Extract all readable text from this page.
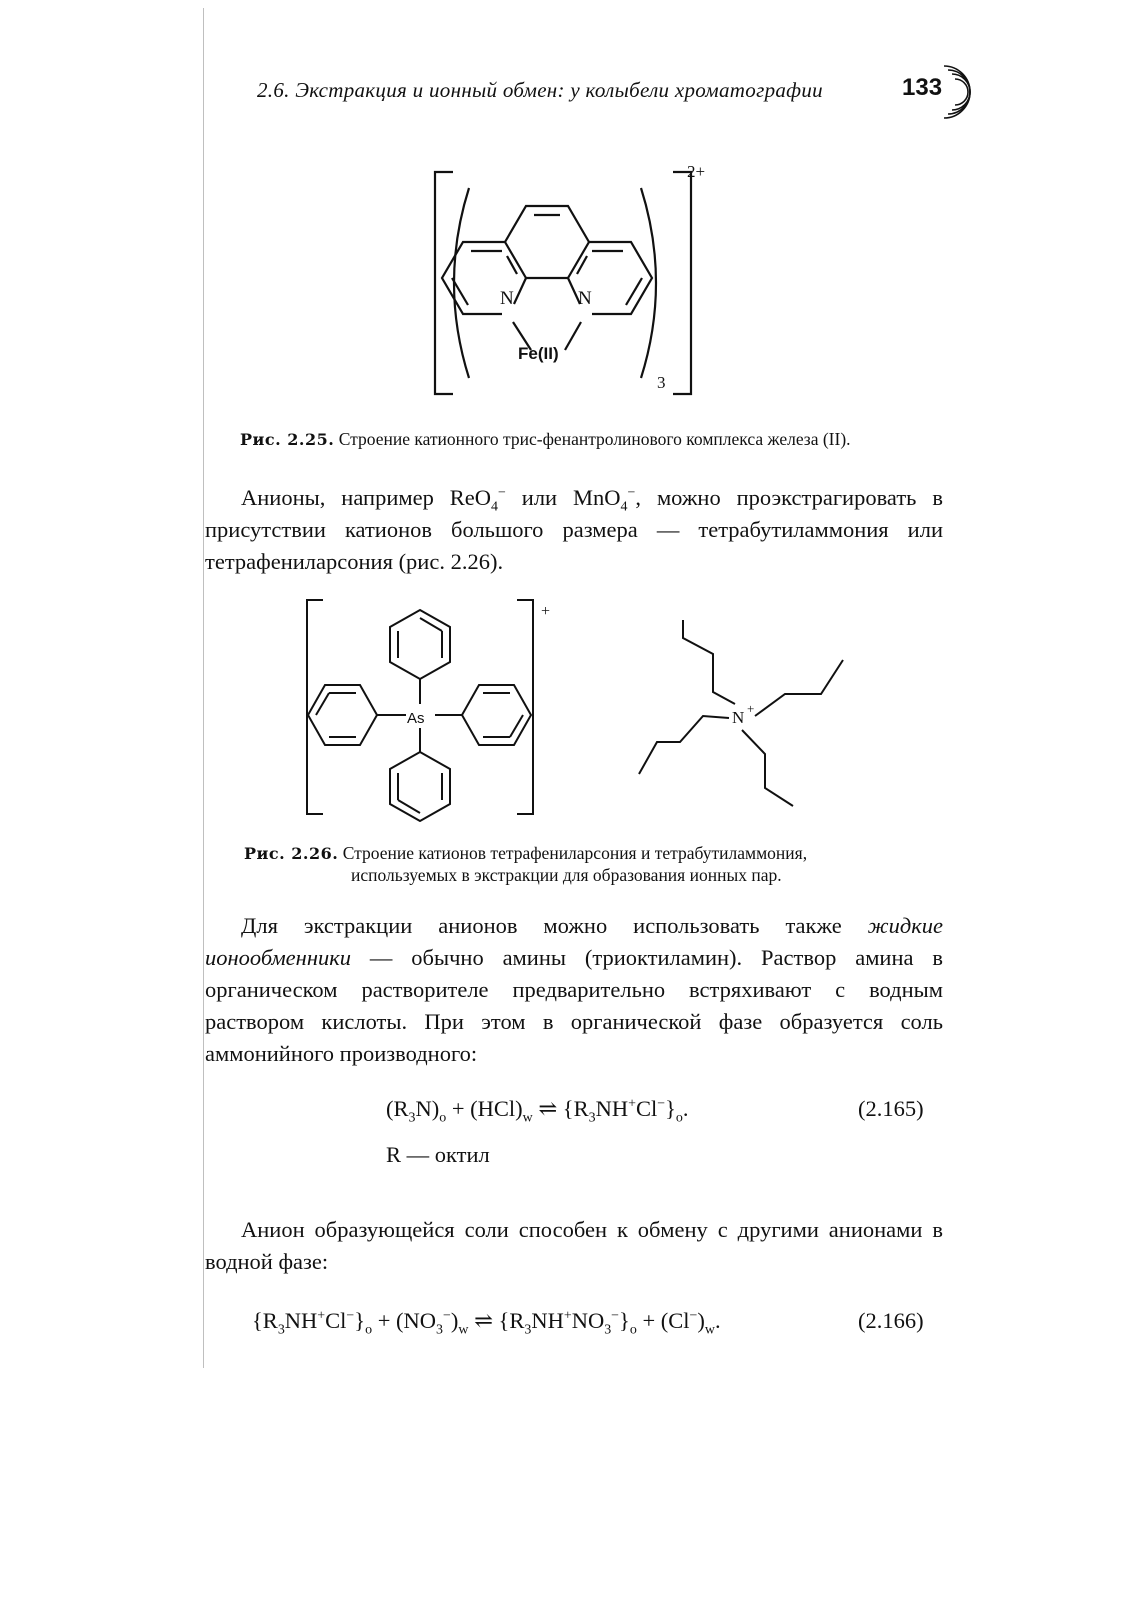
2.6. Экстракция и ионный обмен: у колыбели хроматографии	133
N	N
Fe(II)
3
2+
Рис. 2.25. Строение катионного трис-фенантролинового комплекса железа (II).

Анионы, например ReO$_4$− или MnO$_4$−, можно проэкстрагировать в присутствии катионов большого размера — тетрабутиламмония или тетрафениларсония (рис. 2.26).

As	N +
+
Рис. 2.26. Строение катионов тетрафениларсония и тетрабутиламмония,
используемых в экстракции для образования ионных пар.

Для экстракции анионов можно использовать также жидкие ионообменники — обычно амины (триоктиламин). Раствор амина в органическом растворителе предварительно встряхивают с водным раствором кислоты. При этом в органической фазе образуется соль аммонийного производного:

$(R_3N)_o + (HCl)_w$ ⇌ $\{R_3NH^+Cl^-\}_o$.	(2.165)
R — октил

Анион образующейся соли способен к обмену с другими анионами в водной фазе:

$\{R_3NH^+Cl^-\}_o + (NO_3^-)_w$ ⇌ $\{R_3NH^+NO_3^-\}_o + (Cl^-)_w$.	(2.166)
